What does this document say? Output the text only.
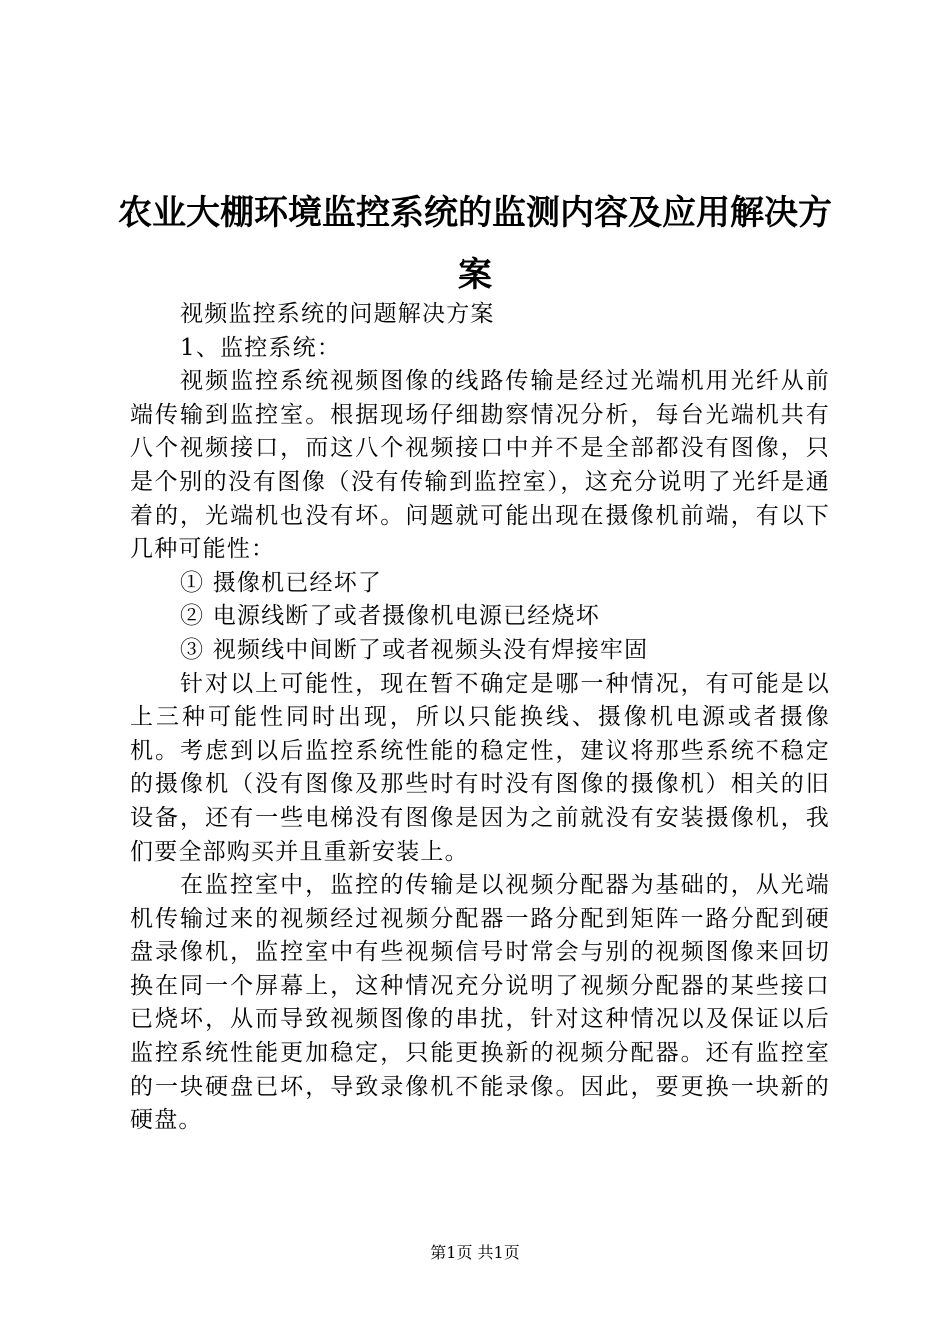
农业大棚环境监控系统的监测内容及应用解决方案

视频监控系统的问题解决方案

1、监控系统：

视频监控系统视频图像的线路传输是经过光端机用光纤从前端传输到监控室。根据现场仔细勘察情况分析，每台光端机共有八个视频接口，而这八个视频接口中并不是全部都没有图像，只是个别的没有图像（没有传输到监控室），这充分说明了光纤是通着的，光端机也没有坏。问题就可能出现在摄像机前端，有以下几种可能性：

① 摄像机已经坏了

② 电源线断了或者摄像机电源已经烧坏

③ 视频线中间断了或者视频头没有焊接牢固

针对以上可能性，现在暂不确定是哪一种情况，有可能是以上三种可能性同时出现，所以只能换线、摄像机电源或者摄像机。考虑到以后监控系统性能的稳定性，建议将那些系统不稳定的摄像机（没有图像及那些时有时没有图像的摄像机）相关的旧设备，还有一些电梯没有图像是因为之前就没有安装摄像机，我们要全部购买并且重新安装上。

在监控室中，监控的传输是以视频分配器为基础的，从光端机传输过来的视频经过视频分配器一路分配到矩阵一路分配到硬盘录像机，监控室中有些视频信号时常会与别的视频图像来回切换在同一个屏幕上，这种情况充分说明了视频分配器的某些接口已烧坏，从而导致视频图像的串扰，针对这种情况以及保证以后监控系统性能更加稳定，只能更换新的视频分配器。还有监控室的一块硬盘已坏，导致录像机不能录像。因此，要更换一块新的硬盘。

第1页 共1页
